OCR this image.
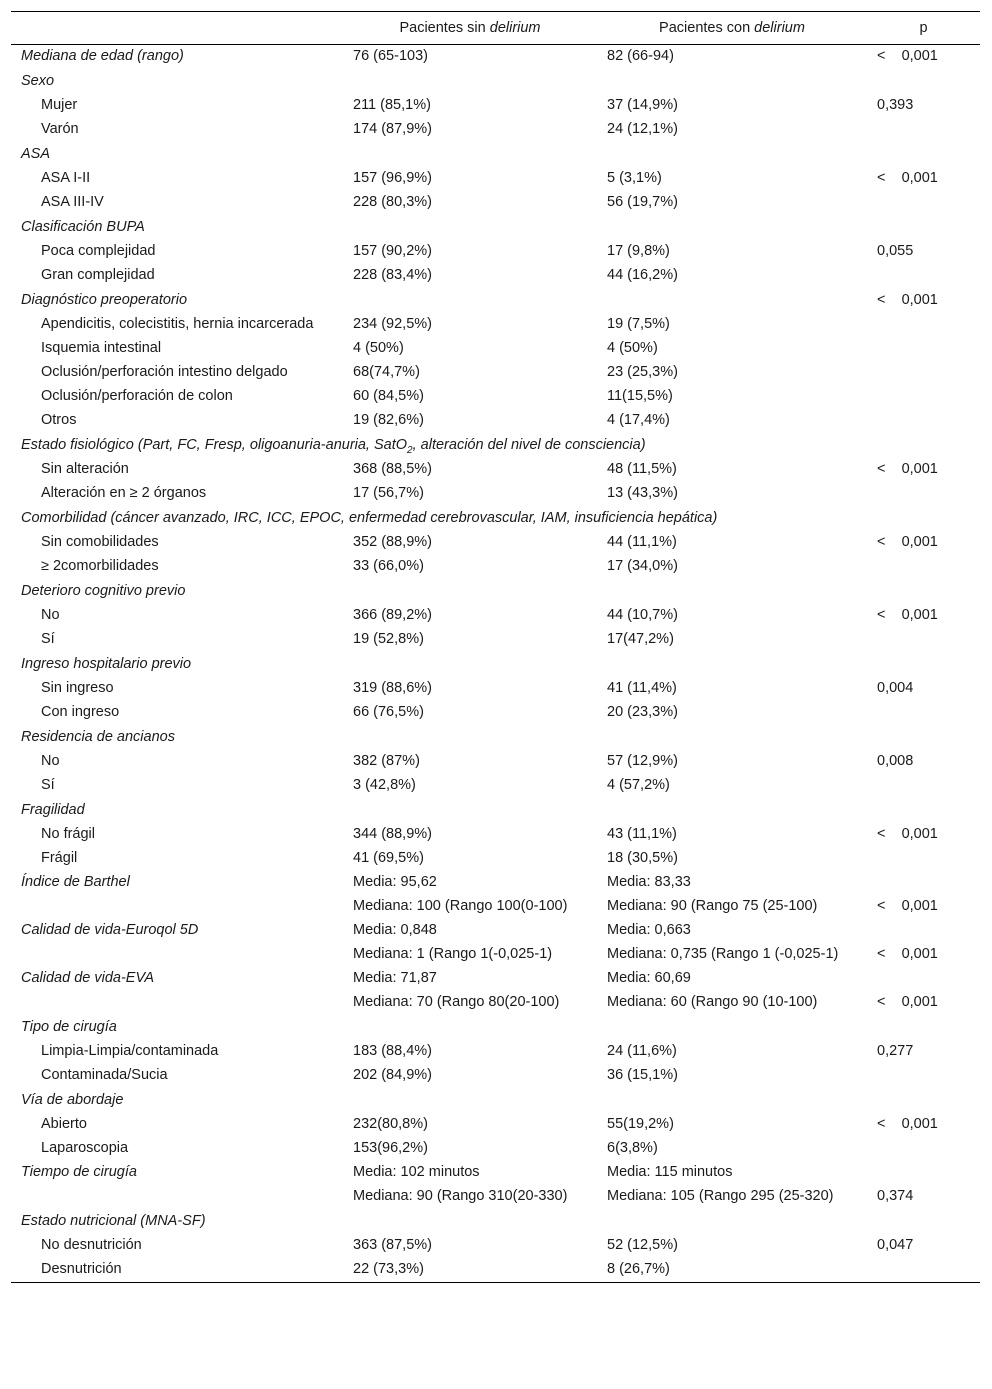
	Pacientes sin delirium	Pacientes con delirium	p
Mediana de edad (rango)	76 (65-103)	82 (66-94)	<    0,001
Sexo			
Mujer	211 (85,1%)	37 (14,9%)	0,393
Varón	174 (87,9%)	24 (12,1%)	
ASA			
ASA I-II	157 (96,9%)	5 (3,1%)	<    0,001
ASA III-IV	228 (80,3%)	56 (19,7%)	
Clasificación BUPA			
Poca complejidad	157 (90,2%)	17 (9,8%)	0,055
Gran complejidad	228 (83,4%)	44 (16,2%)	
Diagnóstico preoperatorio			<    0,001
Apendicitis, colecistitis, hernia incarcerada	234 (92,5%)	19 (7,5%)	
Isquemia intestinal	4 (50%)	4 (50%)	
Oclusión/perforación intestino delgado	68(74,7%)	23 (25,3%)	
Oclusión/perforación de colon	60 (84,5%)	11(15,5%)	
Otros	19 (82,6%)	4 (17,4%)	
Estado fisiológico (Part, FC, Fresp, oligoanuria-anuria, SatO$_2$, alteración del nivel de consciencia)			
Sin alteración	368 (88,5%)	48 (11,5%)	<    0,001
Alteración en ≥ 2 órganos	17 (56,7%)	13 (43,3%)	
Comorbilidad (cáncer avanzado, IRC, ICC, EPOC, enfermedad cerebrovascular, IAM, insuficiencia hepática)			
Sin comobilidades	352 (88,9%)	44 (11,1%)	<    0,001
≥ 2comorbilidades	33 (66,0%)	17 (34,0%)	
Deterioro cognitivo previo			
No	366 (89,2%)	44 (10,7%)	<    0,001
Sí	19 (52,8%)	17(47,2%)	
Ingreso hospitalario previo			
Sin ingreso	319 (88,6%)	41 (11,4%)	0,004
Con ingreso	66 (76,5%)	20 (23,3%)	
Residencia de ancianos			
No	382 (87%)	57 (12,9%)	0,008
Sí	3 (42,8%)	4 (57,2%)	
Fragilidad			
No frágil	344 (88,9%)	43 (11,1%)	<    0,001
Frágil	41 (69,5%)	18 (30,5%)	
Índice de Barthel	Media: 95,62	Media: 83,33	
	Mediana: 100 (Rango 100(0-100)	Mediana: 90 (Rango 75 (25-100)	<    0,001
Calidad de vida-Euroqol 5D	Media: 0,848	Media: 0,663	
	Mediana: 1 (Rango 1(-0,025-1)	Mediana: 0,735 (Rango 1 (-0,025-1)	<    0,001
Calidad de vida-EVA	Media: 71,87	Media: 60,69	
	Mediana: 70 (Rango 80(20-100)	Mediana: 60 (Rango 90 (10-100)	<    0,001
Tipo de cirugía			
Limpia-Limpia/contaminada	183 (88,4%)	24 (11,6%)	0,277
Contaminada/Sucia	202 (84,9%)	36 (15,1%)	
Vía de abordaje			
Abierto	232(80,8%)	55(19,2%)	<    0,001
Laparoscopia	153(96,2%)	6(3,8%)	
Tiempo de cirugía	Media: 102 minutos	Media: 115 minutos	
	Mediana: 90 (Rango 310(20-330)	Mediana: 105 (Rango 295 (25-320)	0,374
Estado nutricional (MNA-SF)			
No desnutrición	363 (87,5%)	52 (12,5%)	0,047
Desnutrición	22 (73,3%)	8 (26,7%)	
